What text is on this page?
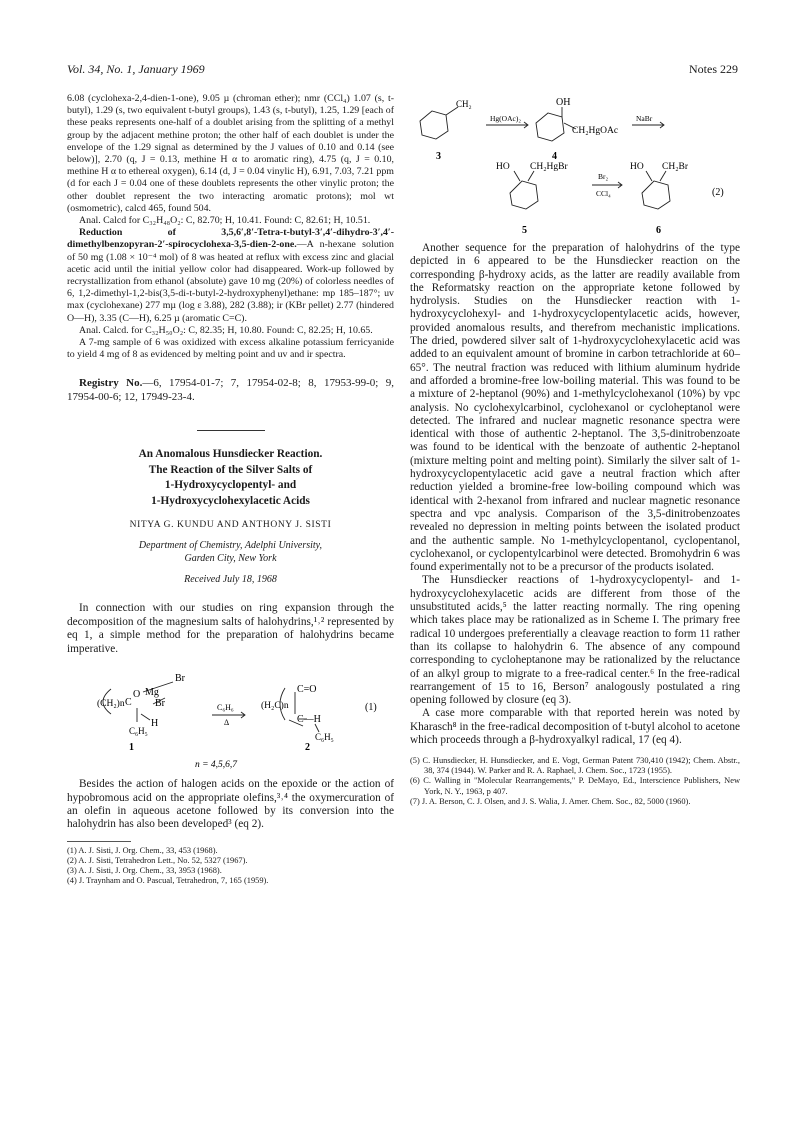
Vol. 34, No. 1, January 1969	Notes 229

6.08 (cyclohexa-2,4-dien-1-one), 9.05 µ (chroman ether); nmr (CCl₄) 1.07 (s, t-butyl), 1.29 (s, two equivalent t-butyl groups), 1.43 (s, t-butyl), 1.25, 1.29 [each of these peaks represents one-half of a doublet arising from the splitting of a methyl group by the adjacent methine proton; the other half of each doublet is under the envelope of the 1.29 signal as determined by the J values of 0.10 and 0.14 (see below)], 2.70 (q, J = 0.13, methine H α to aromatic ring), 4.75 (q, J = 0.10, methine H α to ethereal oxygen), 6.14 (d, J = 0.04 vinylic H), 6.91, 7.03, 7.21 ppm (d for each J = 0.04 one of these doublets represents the other vinylic proton; the other doublet represent the two interacting aromatic protons); mol wt (osmometric), calcd 465, found 504.

Anal. Calcd for C₃₂H₄₈O₂: C, 82.70; H, 10.41. Found: C, 82.61; H, 10.51.

Reduction of 3,5,6′,8′-Tetra-t-butyl-3′,4′-dihydro-3′,4′-dimethylbenzopyran-2′-spirocyclohexa-3,5-dien-2-one.—A n-hexane solution of 50 mg (1.08 × 10⁻⁴ mol) of 8 was heated at reflux with excess zinc and glacial acetic acid until the initial yellow color had disappeared. Work-up followed by recrystallization from ethanol (absolute) gave 10 mg (20%) of colorless needles of 6, 1,2-dimethyl-1,2-bis(3,5-di-t-butyl-2-hydroxyphenyl)ethane: mp 185–187°; uv max (cyclohexane) 277 mµ (log ε 3.88), 282 (3.88); ir (KBr pellet) 2.77 (hindered O—H), 3.35 (C—H), 6.25 µ (aromatic C=C).

Anal. Calcd. for C₃₂H₅₀O₂: C, 82.35; H, 10.80. Found: C, 82.25; H, 10.65.

A 7-mg sample of 6 was oxidized with excess alkaline potassium ferricyanide to yield 4 mg of 8 as evidenced by melting point and uv and ir spectra.

Registry No.—6, 17954-01-7; 7, 17954-02-8; 8, 17953-99-0; 9, 17954-00-6; 12, 17949-23-4.

An Anomalous Hunsdiecker Reaction.
The Reaction of the Silver Salts of
1-Hydroxycyclopentyl- and
1-Hydroxycyclohexylacetic Acids
NITYA G. KUNDU AND ANTHONY J. SISTI
Department of Chemistry, Adelphi University,
Garden City, New York
Received July 18, 1968

In connection with our studies on ring expansion through the decomposition of the magnesium salts of halohydrins,¹˒² represented by eq 1, a simple method for the preparation of halohydrins became imperative.

Br
Mg
(CH₂)n C
O
Br
H
C₆H₅
C₆H₆
Δ
(H₂C)n
C=O
C—H
C₆H₅
(1)
1	2
n = 4,5,6,7

Besides the action of halogen acids on the epoxide or the action of hypobromous acid on the appropriate olefins,³˒⁴ the oxymercuration of an olefin in aqueous acetone followed by its conversion into the halohydrin has also been developed³ (eq 2).

(1) A. J. Sisti, J. Org. Chem., 33, 453 (1968).

(2) A. J. Sisti, Tetrahedron Lett., No. 52, 5327 (1967).

(3) A. J. Sisti, J. Org. Chem., 33, 3953 (1968).

(4) J. Traynham and O. Pascual, Tetrahedron, 7, 165 (1959).

CH₂
Hg(OAc)₂
OH
CH₂HgOAc
NaBr
3	4
HO CH₂HgBr
Br₂
CCl₄
HO CH₂Br
5	6
(2)

Another sequence for the preparation of halohydrins of the type depicted in 6 appeared to be the Hunsdiecker reaction on the corresponding β-hydroxy acids, as the latter are readily available from the Reformatsky reaction on the appropriate ketone followed by hydrolysis. Studies on the Hunsdiecker reaction with 1-hydroxycyclohexyl- and 1-hydroxycyclopentylacetic acids, however, provided anomalous results, and therefrom mechanistic implications. The dried, powdered silver salt of 1-hydroxycyclohexylacetic acid was added to an equivalent amount of bromine in carbon tetrachloride at 60–65°. The neutral fraction was reduced with lithium aluminum hydride and afforded a bromine-free low-boiling material. This was found to be a mixture of 2-heptanol (90%) and 1-methylcyclohexanol (10%) by vpc analysis. No cyclohexylcarbinol, cyclohexanol or cycloheptanol were detected. The infrared and nuclear magnetic resonance spectra were identical with those of authentic 2-heptanol. The 3,5-dinitrobenzoate was found to be identical with the benzoate of authentic 2-heptanol (mixture melting point and melting point). Similarly the silver salt of 1-hydroxycyclopentylacetic acid gave a neutral fraction which after reduction yielded a bromine-free low-boiling compound which was identical with 2-hexanol from infrared and nuclear magnetic resonance spectra and vpc analysis. Comparison of the 3,5-dinitrobenzoates revealed no depression in melting points between the isolated product and the authentic sample. No 1-methylcyclopentanol, cyclopentanol, cyclohexanol, or cyclopentylcarbinol were detected. Bromohydrin 6 was found experimentally not to be a precursor of the products isolated.

The Hunsdiecker reactions of 1-hydroxycyclopentyl- and 1-hydroxycyclohexylacetic acids are different from those of the unsubstituted acids,⁵ the latter reacting normally. The ring opening which takes place may be rationalized as in Scheme I. The primary free radical 10 undergoes preferentially a cleavage reaction to form 11 rather than its collapse to halohydrin 6. The absence of any compound corresponding to cycloheptanone may be rationalized by the reluctance of an alkyl group to migrate to a free-radical center.⁶ In the free-radical rearrangement of 15 to 16, Berson⁷ analogously postulated a ring opening followed by closure (eq 3).

A case more comparable with that reported herein was noted by Kharasch⁸ in the free-radical decomposition of t-butyl alcohol to acetone which proceeds through a β-hydroxyalkyl radical, 17 (eq 4).

(5) C. Hunsdiecker, H. Hunsdiecker, and E. Vogt, German Patent 730,410 (1942); Chem. Abstr., 38, 374 (1944). W. Parker and R. A. Raphael, J. Chem. Soc., 1723 (1955).

(6) C. Walling in "Molecular Rearrangements," P. DeMayo, Ed., Interscience Publishers, New York, N. Y., 1963, p 407.

(7) J. A. Berson, C. J. Olsen, and J. S. Walia, J. Amer. Chem. Soc., 82, 5000 (1960).
